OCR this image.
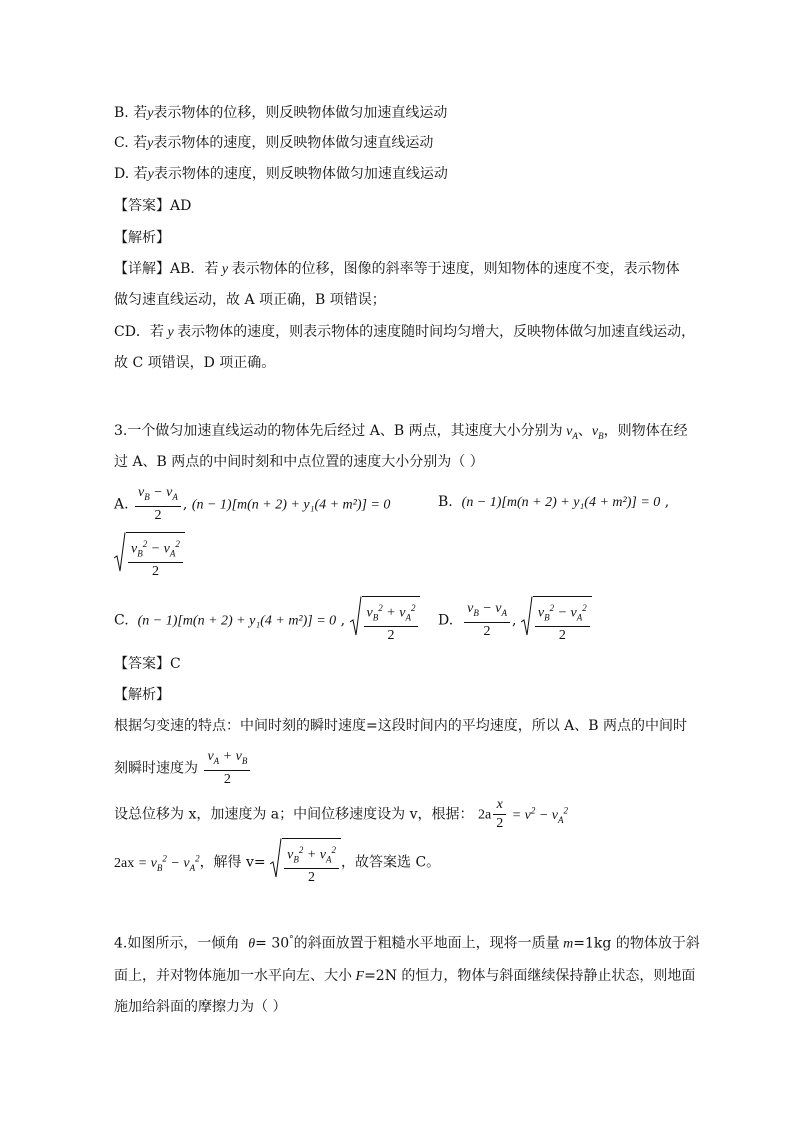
B. 若y表示物体的位移，则反映物体做匀加速直线运动
C. 若y表示物体的速度，则反映物体做匀速直线运动
D. 若y表示物体的速度，则反映物体做匀加速直线运动
【答案】AD
【解析】
【详解】AB．若 y 表示物体的位移，图像的斜率等于速度，则知物体的速度不变，表示物体
做匀速直线运动，故 A 项正确，B 项错误；
CD．若 y 表示物体的速度，则表示物体的速度随时间均匀增大，反映物体做匀加速直线运动，
故 C 项错误，D 项正确。
3.一个做匀加速直线运动的物体先后经过 A、B 两点，其速度大小分别为 $v_A$、$v_B$，则物体在经
过 A、B 两点的中间时刻和中点位置的速度大小分别为（ ）
A. $\frac{v_B - v_A}{2}$ , (n − 1)[m(n + 2) + y₁(4 + m²)] = 0	B. (n − 1)[m(n + 2) + y₁(4 + m²)] = 0 ,
$\frac{v_B^2 - v_A^2}{2}$
C. (n − 1)[m(n + 2) + y₁(4 + m²)] = 0 , $\frac{v_B^2 + v_A^2}{2} D$. $\frac{v_B - v_A}{2}$ , $\frac{v_B^2 - v_A^2}{2}$
【答案】C
【解析】
根据匀变速的特点：中间时刻的瞬时速度=这段时间内的平均速度，所以 A、B 两点的中间时
刻瞬时速度为 $\frac{v_A + v_B}{2}$
设总位移为 x，加速度为 a；中间位移速度设为 v，根据： $2a \frac{x}{2} = v^2 - v_A^2$
$2ax = v_B^2 - v_A^2$，解得 $v= \frac{v_B^2 + v_A^2}{2}$ ，故答案选 C。
4.如图所示，一倾角 θ= 30°的斜面放置于粗糙水平地面上，现将一质量 m=1kg 的物体放于斜
面上，并对物体施加一水平向左、大小 F=2N 的恒力，物体与斜面继续保持静止状态，则地面
施加给斜面的摩擦力为（ ）
